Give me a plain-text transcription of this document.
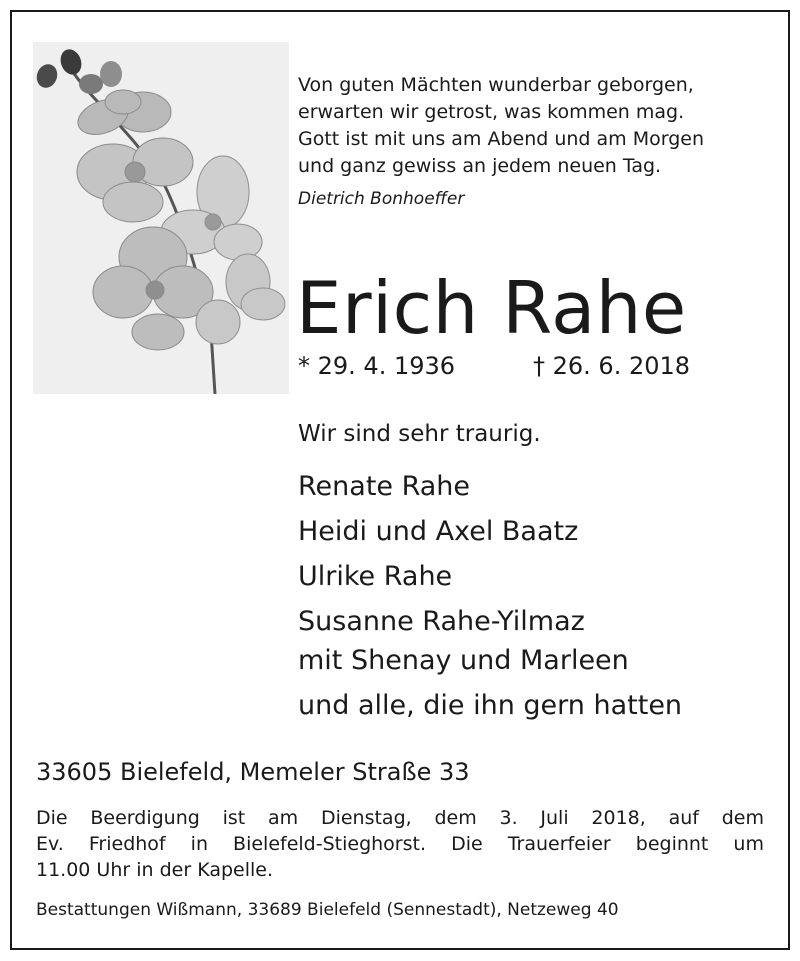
Von guten Mächten wunderbar geborgen,
erwarten wir getrost, was kommen mag.
Gott ist mit uns am Abend und am Morgen
und ganz gewiss an jedem neuen Tag.
Dietrich Bonhoeffer
Erich Rahe
* 29. 4. 1936	† 26. 6. 2018
Wir sind sehr traurig.
Renate Rahe
Heidi und Axel Baatz
Ulrike Rahe
Susanne Rahe-Yilmaz
mit Shenay und Marleen
und alle, die ihn gern hatten
33605 Bielefeld, Memeler Straße 33
Die Beerdigung ist am Dienstag, dem 3. Juli 2018, auf dem
Ev. Friedhof in Bielefeld-Stieghorst. Die Trauerfeier beginnt um
11.00 Uhr in der Kapelle.
Bestattungen Wißmann, 33689 Bielefeld (Sennestadt), Netzeweg 40
